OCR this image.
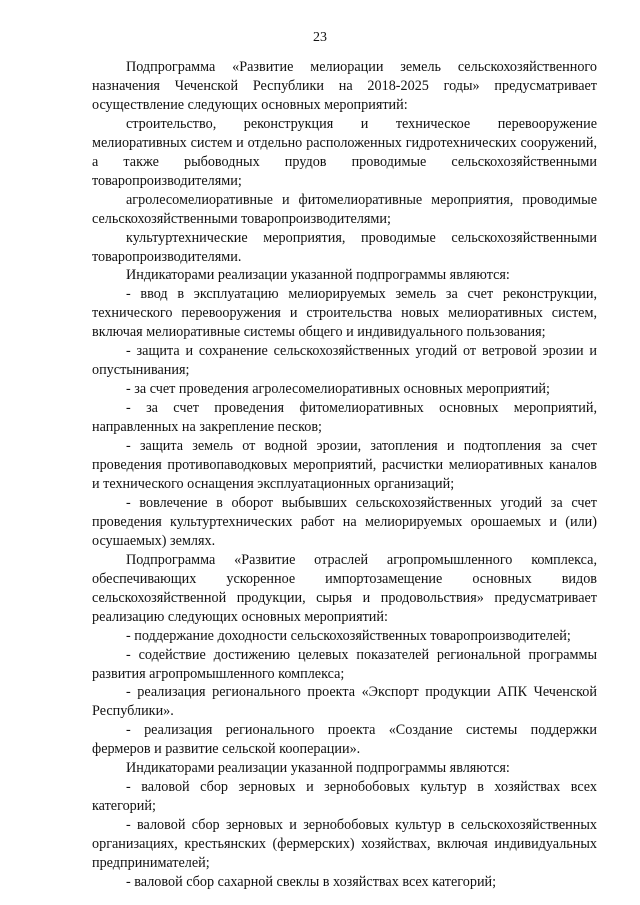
23

Подпрограмма «Развитие мелиорации земель сельскохозяйственного назначения Чеченской Республики на 2018-2025 годы» предусматривает осуществление следующих основных мероприятий:

строительство, реконструкция и техническое перевооружение мелиоративных систем и отдельно расположенных гидротехнических сооружений, а также рыбоводных прудов проводимые сельскохозяйственными товаропроизводителями;

агролесомелиоративные и фитомелиоративные мероприятия, проводимые сельскохозяйственными товаропроизводителями;

культуртехнические мероприятия, проводимые сельскохозяйственными товаропроизводителями.

Индикаторами реализации указанной подпрограммы являются:

- ввод в эксплуатацию мелиорируемых земель за счет реконструкции, технического перевооружения и строительства новых мелиоративных систем, включая мелиоративные системы общего и индивидуального пользования;

- защита и сохранение сельскохозяйственных угодий от ветровой эрозии и опустынивания;

- за счет проведения агролесомелиоративных основных мероприятий;

- за счет проведения фитомелиоративных основных мероприятий, направленных на закрепление песков;

- защита земель от водной эрозии, затопления и подтопления за счет проведения противопаводковых мероприятий, расчистки мелиоративных каналов и технического оснащения эксплуатационных организаций;

- вовлечение в оборот выбывших сельскохозяйственных угодий за счет проведения культуртехнических работ на мелиорируемых орошаемых и (или) осушаемых) землях.

Подпрограмма «Развитие отраслей агропромышленного комплекса, обеспечивающих ускоренное импортозамещение основных видов сельскохозяйственной продукции, сырья и продовольствия» предусматривает реализацию следующих основных мероприятий:

- поддержание доходности сельскохозяйственных товаропроизводителей;

- содействие достижению целевых показателей региональной программы развития агропромышленного комплекса;

- реализация регионального проекта «Экспорт продукции АПК Чеченской Республики».

- реализация регионального проекта «Создание системы поддержки фермеров и развитие сельской кооперации».

Индикаторами реализации указанной подпрограммы являются:

- валовой сбор зерновых и зернобобовых культур в хозяйствах всех категорий;

- валовой сбор зерновых и зернобобовых культур в сельскохозяйственных организациях, крестьянских (фермерских) хозяйствах, включая индивидуальных предпринимателей;

- валовой сбор сахарной свеклы в хозяйствах всех категорий;
